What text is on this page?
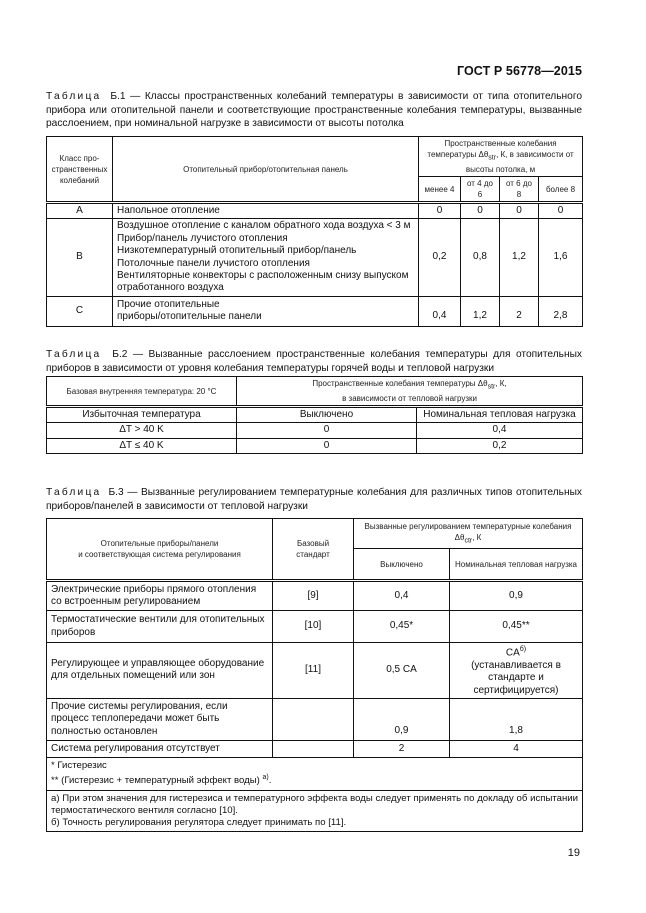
ГОСТ Р 56778—2015
Таблица Б.1 — Классы пространственных колебаний температуры в зависимости от типа отопительного прибора или отопительной панели и соответствующие пространственные колебания температуры, вызванные расслоением, при номинальной нагрузке в зависимости от высоты потолка
Класс про-странственных колебаний	Отопительный прибор/отопительная панель	Пространственные колебания температуры $\Delta\theta_{str}$, К, в зависимости от высоты потолка, м			
		менее 4	от 4 до 6	от 6 до 8	более 8
A	Напольное отопление	0	0	0	0
B	Воздушное отопление с каналом обратного хода воздуха < 3 м
Прибор/панель лучистого отопления
Низкотемпературный отопительный прибор/панель
Потолочные панели лучистого отопления
Вентиляторные конвекторы с расположенным снизу выпуском отработанного воздуха	0,2	0,8	1,2	1,6
C	Прочие отопительные
приборы/отопительные панели	0,4	1,2	2	2,8
Таблица Б.2 — Вызванные расслоением пространственные колебания температуры для отопительных приборов в зависимости от уровня колебания температуры горячей воды и тепловой нагрузки
Базовая внутренняя температура: 20 °С	Пространственные колебания температуры $\Delta\theta_{str}$, К,
в зависимости от тепловой нагрузки	
Избыточная температура	Выключено	Номинальная тепловая нагрузка
ΔT > 40 K	0	0,4
ΔT ≤ 40 K	0	0,2
Таблица Б.3 — Вызванные регулированием температурные колебания для различных типов отопительных приборов/панелей в зависимости от тепловой нагрузки
Отопительные приборы/панели
и соответствующая система регулирования	Базовый
стандарт	Вызванные регулированием температурные колебания $\Delta\theta_{ctr}$, К	
		Выключено	Номинальная тепловая нагрузка
Электрические приборы прямого отопления со встроенным регулированием	[9]	0,4	0,9
Термостатические вентили для отопительных приборов	[10]	0,45*	0,45**
Регулирующее и управляющее оборудование для отдельных помещений или зон	[11]	0,5 CA	$CA^{б)}$
(устанавливается в стандарте и сертифицируется)
Прочие системы регулирования, если процесс теплопередачи может быть полностью остановлен		0,9	1,8
Система регулирования отсутствует		2	4

* Гистерезис
** (Гистерезис + температурный эффект воды) $^{а)}$.
а) При этом значения для гистерезиса и температурного эффекта воды следует применять по докладу об испытании термостатического вентиля согласно [10].
б) Точность регулирования регулятора следует принимать по [11].			
19
